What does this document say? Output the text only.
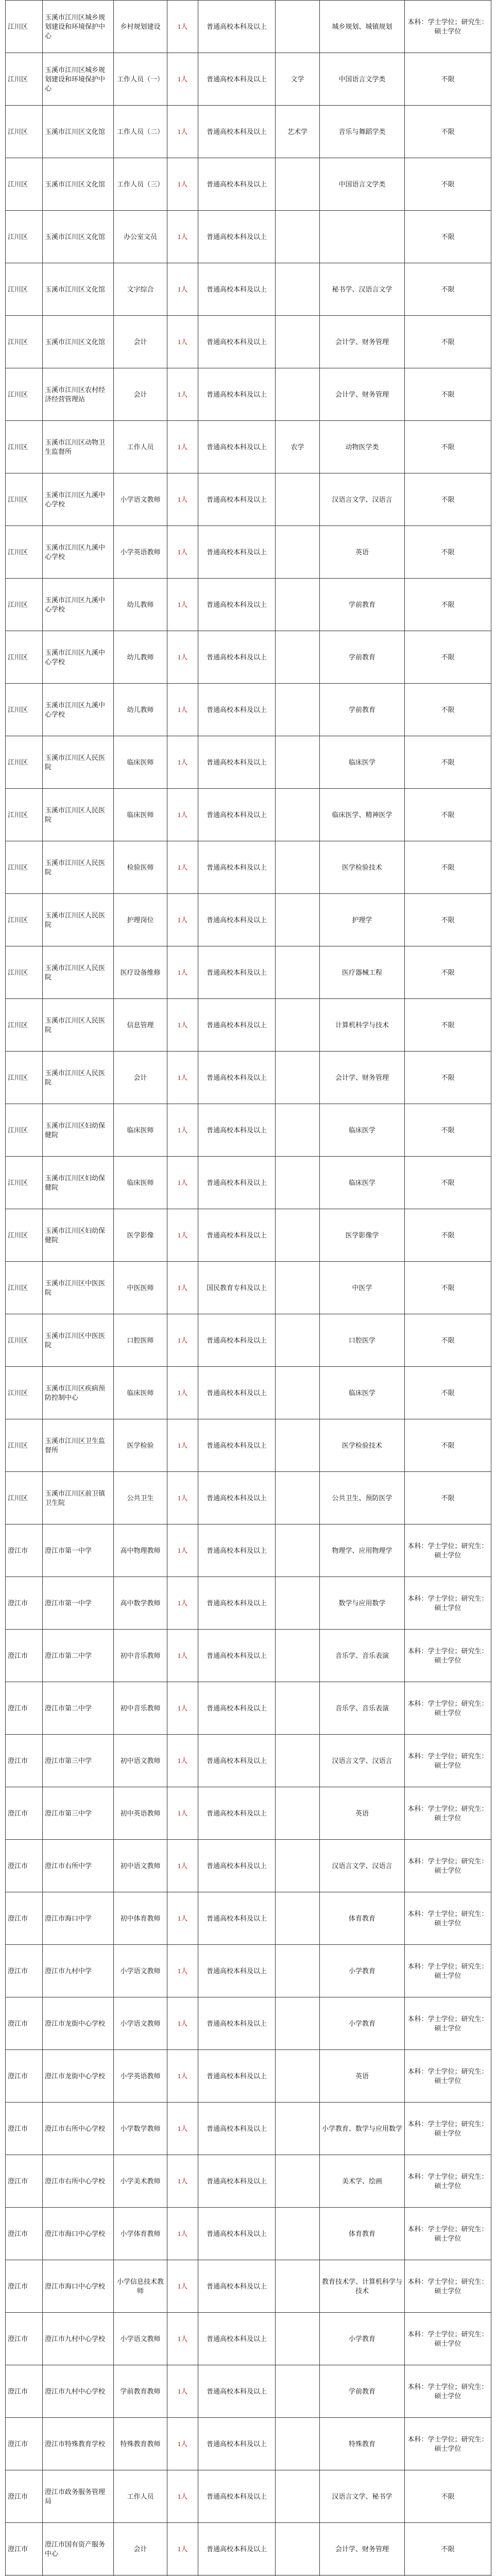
江川区	玉溪市江川区城乡规划建设和环境保护中心	乡村规划建设	1人	普通高校本科及以上		城乡规划、城镇规划	本科：学士学位；研究生：硕士学位
江川区	玉溪市江川区城乡规划建设和环境保护中心	工作人员（一）	1人	普通高校本科及以上	文学	中国语言文学类	不限
江川区	玉溪市江川区文化馆	工作人员（二）	1人	普通高校本科及以上	艺术学	音乐与舞蹈学类	不限
江川区	玉溪市江川区文化馆	工作人员（三）	1人	普通高校本科及以上		中国语言文学类	不限
江川区	玉溪市江川区文化馆	办公室文员	1人	普通高校本科及以上			不限
江川区	玉溪市江川区文化馆	文字综合	1人	普通高校本科及以上		秘书学、汉语言文学	不限
江川区	玉溪市江川区文化馆	会计	1人	普通高校本科及以上		会计学、财务管理	不限
江川区	玉溪市江川区农村经济经营管理站	会计	1人	普通高校本科及以上		会计学、财务管理	不限
江川区	玉溪市江川区动物卫生监督所	工作人员	1人	普通高校本科及以上	农学	动物医学类	不限
江川区	玉溪市江川区九溪中心学校	小学语文教师	1人	普通高校本科及以上		汉语言文学、汉语言	不限
江川区	玉溪市江川区九溪中心学校	小学英语教师	1人	普通高校本科及以上		英语	不限
江川区	玉溪市江川区九溪中心学校	幼儿教师	1人	普通高校本科及以上		学前教育	不限
江川区	玉溪市江川区九溪中心学校	幼儿教师	1人	普通高校本科及以上		学前教育	不限
江川区	玉溪市江川区九溪中心学校	幼儿教师	1人	普通高校本科及以上		学前教育	不限
江川区	玉溪市江川区人民医院	临床医师	1人	普通高校本科及以上		临床医学	不限
江川区	玉溪市江川区人民医院	临床医师	1人	普通高校本科及以上		临床医学、精神医学	不限
江川区	玉溪市江川区人民医院	检验医师	1人	普通高校本科及以上		医学检验技术	不限
江川区	玉溪市江川区人民医院	护理岗位	1人	普通高校本科及以上		护理学	不限
江川区	玉溪市江川区人民医院	医疗设备维修	1人	普通高校本科及以上		医疗器械工程	不限
江川区	玉溪市江川区人民医院	信息管理	1人	普通高校本科及以上		计算机科学与技术	不限
江川区	玉溪市江川区人民医院	会计	1人	普通高校本科及以上		会计学、财务管理	不限
江川区	玉溪市江川区妇幼保健院	临床医师	1人	普通高校本科及以上		临床医学	不限
江川区	玉溪市江川区妇幼保健院	临床医师	1人	普通高校本科及以上		临床医学	不限
江川区	玉溪市江川区妇幼保健院	医学影像	1人	普通高校本科及以上		医学影像学	不限
江川区	玉溪市江川区中医医院	中医医师	1人	国民教育专科及以上		中医学	不限
江川区	玉溪市江川区中医医院	口腔医师	1人	普通高校本科及以上		口腔医学	不限
江川区	玉溪市江川区疾病预防控制中心	临床医师	1人	普通高校本科及以上		临床医学	不限
江川区	玉溪市江川区卫生监督所	医学检验	1人	普通高校本科及以上		医学检验技术	不限
江川区	玉溪市江川区前卫镇卫生院	公共卫生	1人	普通高校本科及以上		公共卫生、预防医学	不限
澄江市	澄江市第一中学	高中物理教师	1人	普通高校本科及以上		物理学、应用物理学	本科：学士学位；研究生：硕士学位
澄江市	澄江市第一中学	高中数学教师	1人	普通高校本科及以上		数学与应用数学	本科：学士学位；研究生：硕士学位
澄江市	澄江市第二中学	初中音乐教师	1人	普通高校本科及以上		音乐学、音乐表演	本科：学士学位；研究生：硕士学位
澄江市	澄江市第二中学	初中音乐教师	1人	普通高校本科及以上		音乐学、音乐表演	本科：学士学位；研究生：硕士学位
澄江市	澄江市第三中学	初中语文教师	1人	普通高校本科及以上		汉语言文学、汉语言	本科：学士学位；研究生：硕士学位
澄江市	澄江市第三中学	初中英语教师	1人	普通高校本科及以上		英语	本科：学士学位；研究生：硕士学位
澄江市	澄江市右所中学	初中语文教师	1人	普通高校本科及以上		汉语言文学、汉语言	本科：学士学位；研究生：硕士学位
澄江市	澄江市海口中学	初中体育教师	1人	普通高校本科及以上		体育教育	本科：学士学位；研究生：硕士学位
澄江市	澄江市九村中学	小学语文教师	1人	普通高校本科及以上		小学教育	本科：学士学位；研究生：硕士学位
澄江市	澄江市龙街中心学校	小学语文教师	1人	普通高校本科及以上		小学教育	本科：学士学位；研究生：硕士学位
澄江市	澄江市龙街中心学校	小学英语教师	1人	普通高校本科及以上		英语	本科：学士学位；研究生：硕士学位
澄江市	澄江市右所中心学校	小学数学教师	1人	普通高校本科及以上		小学教育、数学与应用数学	本科：学士学位；研究生：硕士学位
澄江市	澄江市右所中心学校	小学美术教师	1人	普通高校本科及以上		美术学、绘画	本科：学士学位；研究生：硕士学位
澄江市	澄江市海口中心学校	小学体育教师	1人	普通高校本科及以上		体育教育	本科：学士学位；研究生：硕士学位
澄江市	澄江市海口中心学校	小学信息技术教师	1人	普通高校本科及以上		教育技术学、计算机科学与技术	本科：学士学位；研究生：硕士学位
澄江市	澄江市九村中心学校	小学语文教师	1人	普通高校本科及以上		小学教育	本科：学士学位；研究生：硕士学位
澄江市	澄江市九村中心学校	学前教育教师	1人	普通高校本科及以上		学前教育	本科：学士学位；研究生：硕士学位
澄江市	澄江市特殊教育学校	特殊教育教师	1人	普通高校本科及以上		特殊教育	本科：学士学位；研究生：硕士学位
澄江市	澄江市政务服务管理局	工作人员	1人	普通高校本科及以上		汉语言文学、秘书学	不限
澄江市	澄江市国有资产服务中心	会计	1人	普通高校本科及以上		会计学、财务管理	不限
